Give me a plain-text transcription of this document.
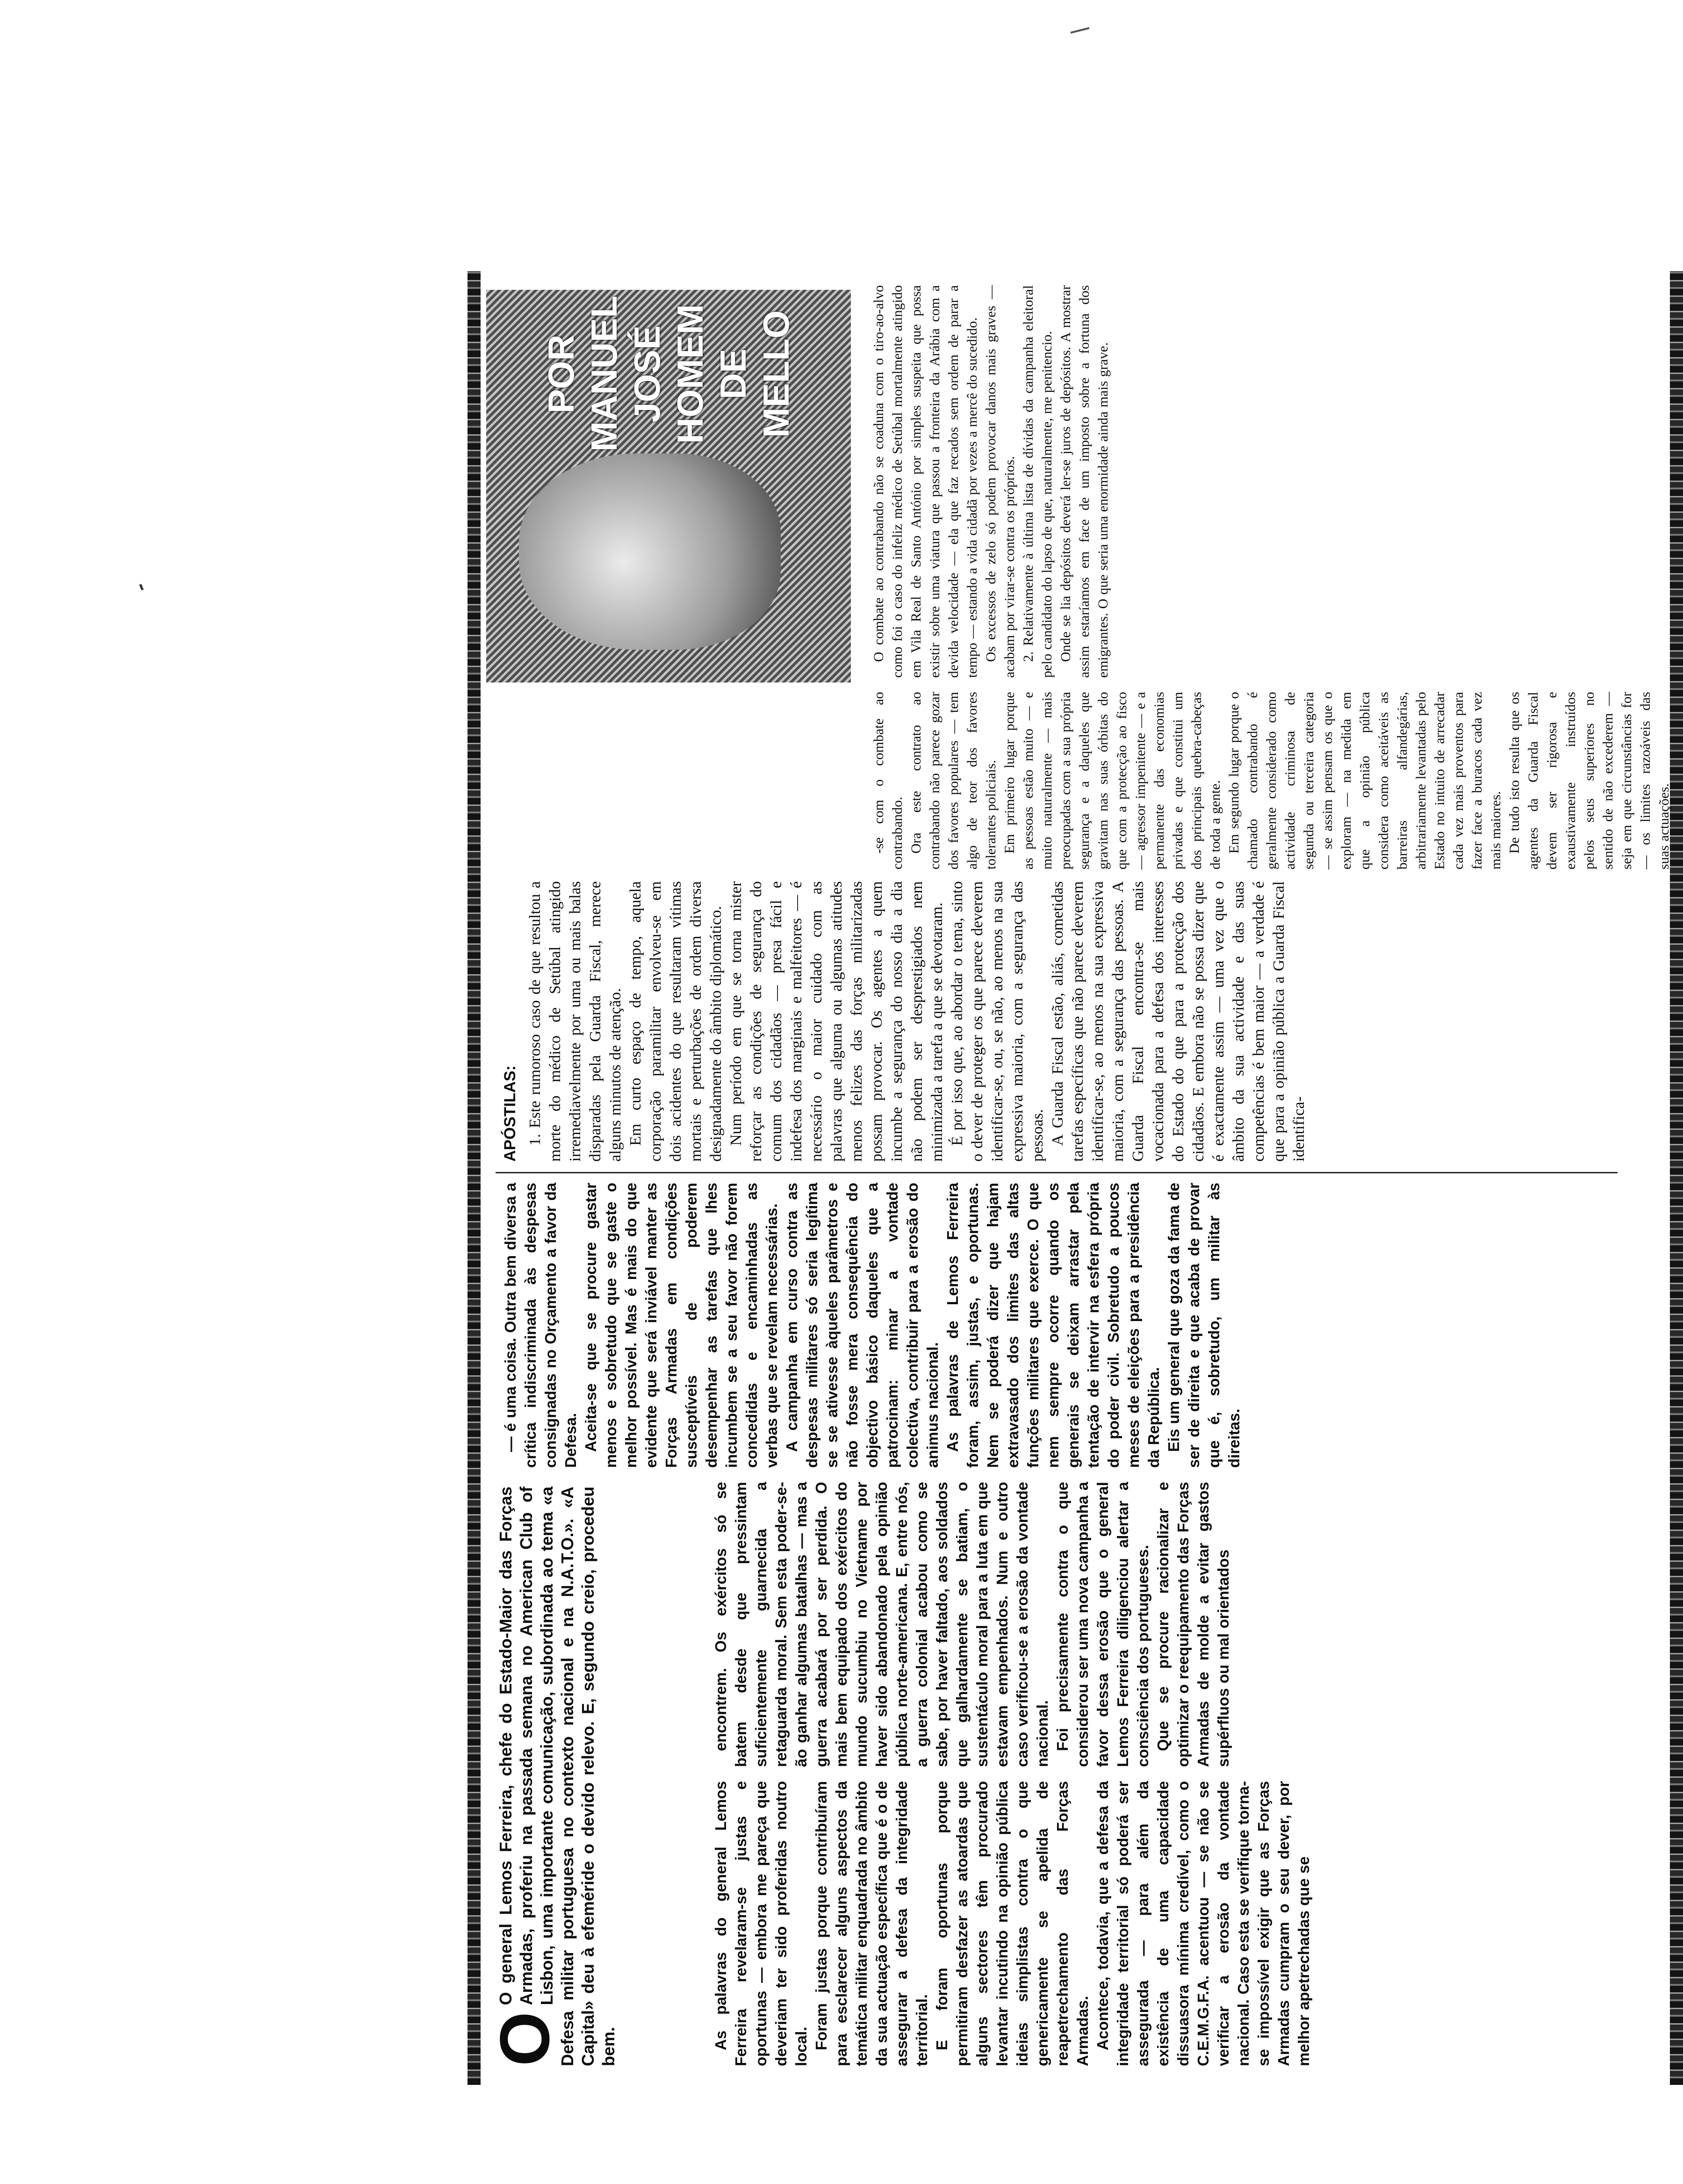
O
O general Lemos Ferreira, chefe do Estado-Maior das Forças Armadas, proferiu na passada semana no American Club of Lisbon, uma importante comunicação, subordinada ao tema «a Defesa militar portuguesa no contexto nacional e na N.A.T.O.». «A Capital» deu à efeméride o devido relevo. E, segundo creio, procedeu bem.	As palavras do general Lemos Ferreira revelaram-se justas e oportunas — embora me pareça que deveriam ter sido proferidas noutro local. Foram justas porque contribuíram para esclarecer alguns aspectos da temática militar enquadrada no âmbito da sua actuação específica que é o de assegurar a defesa da integridade territorial. E foram oportunas porque permitiram desfazer as atoardas que alguns sectores têm procurado levantar incutindo na opinião pública ideias simplistas contra o que genericamente se apelida de reapetrechamento das Forças Armadas. Acontece, todavia, que a defesa da integridade territorial só poderá ser assegurada — para além da existência de uma capacidade dissuasora mínima credível, como o C.E.M.G.F.A. acentuou — se não se verificar a erosão da vontade nacional. Caso esta se verifique torna-se impossível exigir que as Forças Armadas cumpram o seu dever, por melhor apetrechadas que se

encontrem. Os exércitos só se batem desde que pressintam suficientemente guarnecida a retaguarda moral. Sem esta poder-se-ão ganhar algumas batalhas — mas a guerra acabará por ser perdida. O mais bem equipado dos exércitos do mundo sucumbiu no Vietname por haver sido abandonado pela opinião pública norte-americana. E, entre nós, a guerra colonial acabou como se sabe, por haver faltado, aos soldados que galhardamente se batiam, o sustentáculo moral para a luta em que estavam empenhados. Num e outro caso verificou-se a erosão da vontade nacional. Foi precisamente contra o que considerou ser uma nova campanha a favor dessa erosão que o general Lemos Ferreira diligenciou alertar a consciência dos portugueses. Que se procure racionalizar e optimizar o reequipamento das Forças Armadas de molde a evitar gastos supérfluos ou mal orientados

— é uma coisa. Outra bem diversa a crítica indiscriminada às despesas consignadas no Orçamento a favor da Defesa. Aceita-se que se procure gastar menos e sobretudo que se gaste o melhor possível. Mas é mais do que evidente que será inviável manter as Forças Armadas em condições susceptíveis de poderem desempenhar as tarefas que lhes incumbem se a seu favor não forem concedidas e encaminhadas as verbas que se revelam necessárias. A campanha em curso contra as despesas militares só seria legítima se se ativesse àqueles parâmetros e não fosse mera consequência do objectivo básico daqueles que a patrocinam: minar a vontade colectiva, contribuir para a erosão do animus nacional. As palavras de Lemos Ferreira foram, assim, justas, e oportunas. Nem se poderá dizer que hajam extravasado dos limites das altas funções militares que exerce. O que nem sempre ocorre quando os generais se deixam arrastar pela tentação de intervir na esfera própria do poder civil. Sobretudo a poucos meses de eleições para a presidência da República. Eis um general que goza da fama de ser de direita e que acaba de provar que é, sobretudo, um militar às direitas.

APÓSTILAS: 1. Este rumoroso caso de que resultou a morte do médico de Setúbal atingido irremediavelmente por uma ou mais balas disparadas pela Guarda Fiscal, merece alguns minutos de atenção. Em curto espaço de tempo, aquela corporação paramilitar envolveu-se em dois acidentes do que resultaram vítimas mortais e perturbações de ordem diversa designadamente do âmbito diplomático. Num período em que se torna mister reforçar as condições de segurança do comum dos cidadãos — presa fácil e indefesa dos marginais e malfeitores — é necessário o maior cuidado com as palavras que alguma ou algumas atitudes menos felizes das forças militarizadas possam provocar. Os agentes a quem incumbe a segurança do nosso dia a dia não podem ser desprestigiados nem minimizada a tarefa a que se devotaram. É por isso que, ao abordar o tema, sinto o dever de proteger os que parece deverem identificar-se, ou, se não, ao menos na sua expressiva maioria, com a segurança das pessoas. A Guarda Fiscal estão, aliás, cometidas tarefas específicas que não parece deverem identificar-se, ao menos na sua expressiva maioria, com a segurança das pessoas. A Guarda Fiscal encontra-se mais vocacionada para a defesa dos interesses do Estado do que para a protecção dos cidadãos. E embora não se possa dizer que é exactamente assim — uma vez que o âmbito da sua actividade e das suas competências é bem maior — a verdade é que para a opinião pública a Guarda Fiscal identifica-

-se com o combate ao contrabando. Ora este contrato ao contrabando não parece gozar dos favores populares — tem algo de teor dos favores tolerantes policiais. Em primeiro lugar porque as pessoas estão muito — e muito naturalmente — mais preocupadas com a sua própria segurança e a daqueles que gravitam nas suas órbitas do que com a protecção ao fisco — agressor impenitente — e a permanente das economias privadas e que constitui um dos principais quebra-cabeças de toda a gente. Em segundo lugar porque o chamado contrabando é geralmente considerado como actividade criminosa de segunda ou terceira categoria — se assim pensam os que o exploram — na medida em que a opinião pública considera como aceitáveis as barreiras alfandegárias, arbitrariamente levantadas pelo Estado no intuito de arrecadar cada vez mais proventos para fazer face a buracos cada vez mais maiores. De tudo isto resulta que os agentes da Guarda Fiscal devem ser rigorosa e exaustivamente instruídos pelos seus superiores no sentido de não excederem — seja em que circunstâncias for — os limites razoáveis das suas actuações.

O combate ao contrabando não se coaduna com o tiro-ao-alvo como foi o caso do infeliz médico de Setúbal mortalmente atingido em Vila Real de Santo António por simples suspeita que possa existir sobre uma viatura que passou a fronteira da Arábia com a devida velocidade — ela que faz recados sem ordem de parar a tempo — estando a vida cidadã por vezes a mercê do sucedido. Os excessos de zelo só podem provocar danos mais graves — acabam por virar-se contra os próprios. 2. Relativamente à última lista de dívidas da campanha eleitoral pelo candidato do lapso de que, naturalmente, me penitencio. Onde se lia depósitos deverá ler-se juros de depósitos. A mostrar assim estaríamos em face de um imposto sobre a fortuna dos emigrantes. O que seria uma enormidade ainda mais grave.

POR MANUEL JOSÉ HOMEM DE MELLO
